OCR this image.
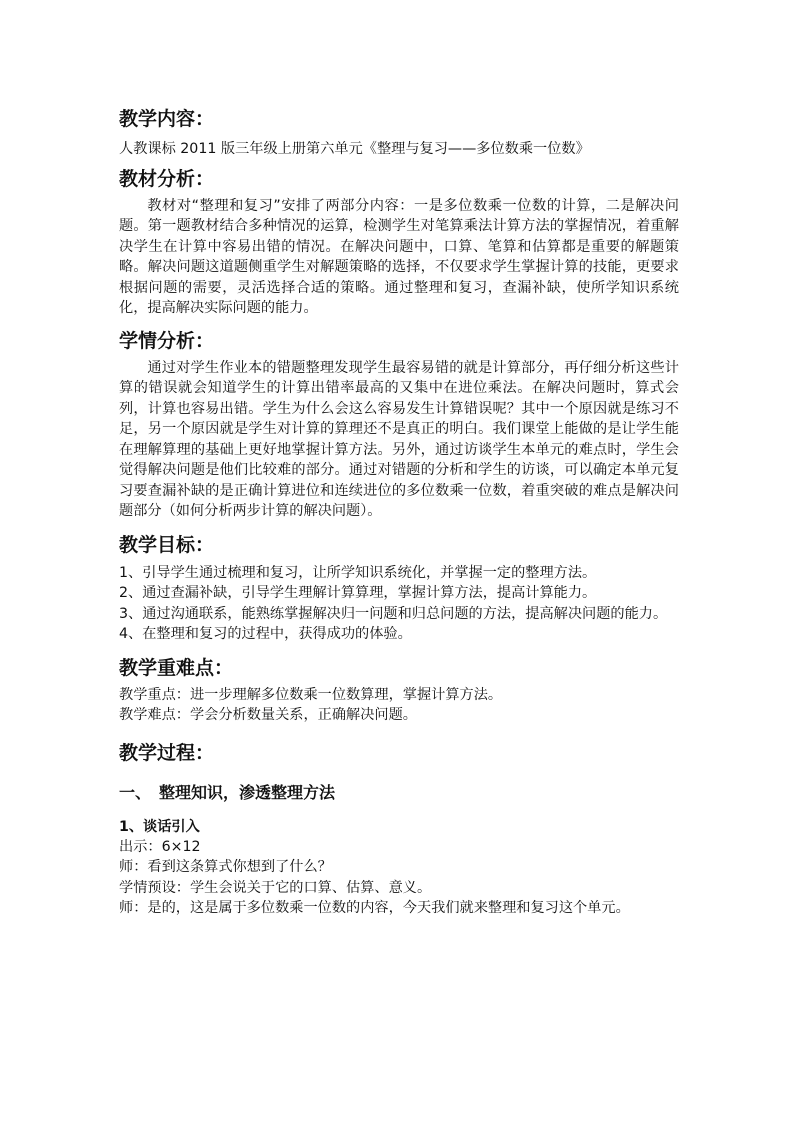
教学内容：
人教课标 2011 版三年级上册第六单元《整理与复习——多位数乘一位数》
教材分析：
教材对“整理和复习”安排了两部分内容：一是多位数乘一位数的计算，二是解决问题。第一题教材结合多种情况的运算，检测学生对笔算乘法计算方法的掌握情况，着重解决学生在计算中容易出错的情况。在解决问题中，口算、笔算和估算都是重要的解题策略。解决问题这道题侧重学生对解题策略的选择，不仅要求学生掌握计算的技能，更要求根据问题的需要，灵活选择合适的策略。通过整理和复习，查漏补缺，使所学知识系统化，提高解决实际问题的能力。
学情分析：
通过对学生作业本的错题整理发现学生最容易错的就是计算部分，再仔细分析这些计算的错误就会知道学生的计算出错率最高的又集中在进位乘法。在解决问题时，算式会列，计算也容易出错。学生为什么会这么容易发生计算错误呢？其中一个原因就是练习不足，另一个原因就是学生对计算的算理还不是真正的明白。我们课堂上能做的是让学生能在理解算理的基础上更好地掌握计算方法。另外，通过访谈学生本单元的难点时，学生会觉得解决问题是他们比较难的部分。通过对错题的分析和学生的访谈，可以确定本单元复习要查漏补缺的是正确计算进位和连续进位的多位数乘一位数，着重突破的难点是解决问题部分（如何分析两步计算的解决问题）。
教学目标：
1、引导学生通过梳理和复习，让所学知识系统化，并掌握一定的整理方法。
2、通过查漏补缺，引导学生理解计算算理，掌握计算方法，提高计算能力。
3、通过沟通联系，能熟练掌握解决归一问题和归总问题的方法，提高解决问题的能力。
4、在整理和复习的过程中，获得成功的体验。
教学重难点：
教学重点：进一步理解多位数乘一位数算理，掌握计算方法。
教学难点：学会分析数量关系，正确解决问题。
教学过程：
一、　整理知识，渗透整理方法
1、谈话引入
出示：6×12
师：看到这条算式你想到了什么？
学情预设：学生会说关于它的口算、估算、意义。
师：是的，这是属于多位数乘一位数的内容，今天我们就来整理和复习这个单元。
